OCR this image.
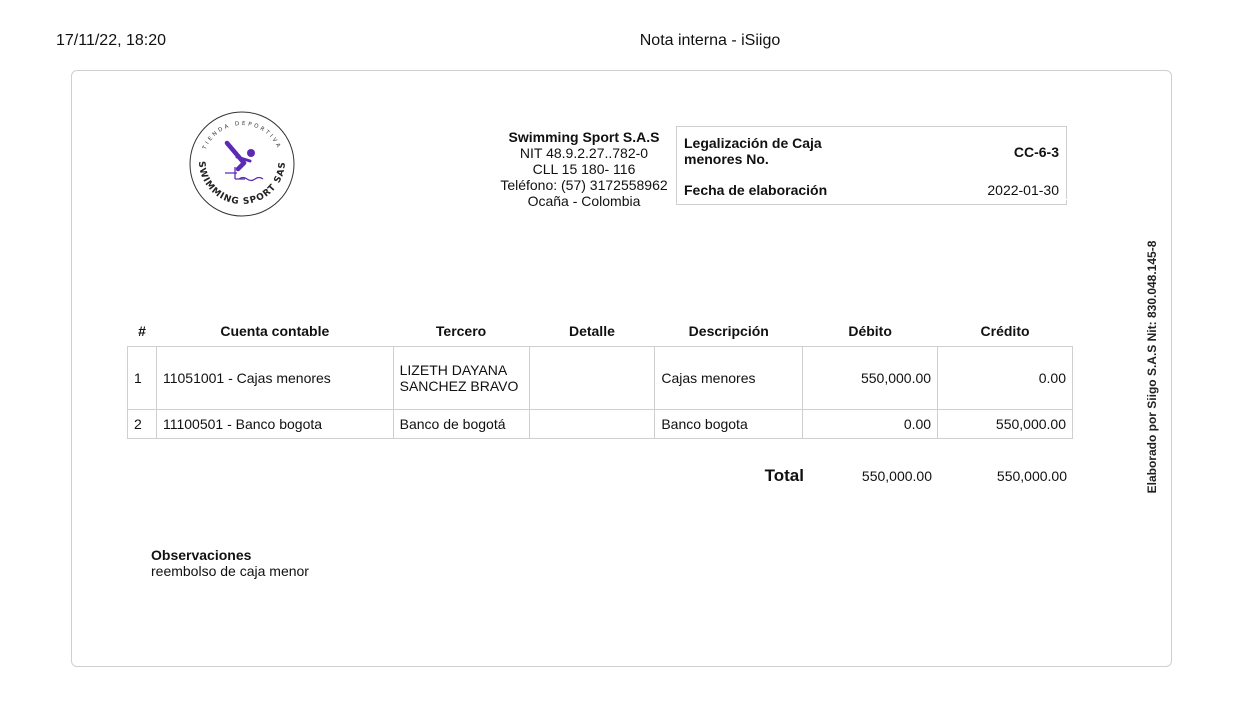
17/11/22, 18:20	Nota interna - iSiigo
TIENDA DEPORTIVA
SWIMMING SPORT SAS
Swimming Sport S.A.S
NIT 48.9.2.27..782-0
CLL 15 180- 116
Teléfono: (57) 3172558962
Ocaña - Colombia
Legalización de Caja menores No.	CC-6-3
Fecha de elaboración	2022-01-30
#	Cuenta contable	Tercero	Detalle	Descripción	Débito	Crédito
1	11051001 - Cajas menores	LIZETH DAYANA SANCHEZ BRAVO		Cajas menores	550,000.00	0.00
2	11100501 - Banco bogota	Banco de bogotá		Banco bogota	0.00	550,000.00
Total	550,000.00	550,000.00
Observaciones
reembolso de caja menor
Elaborado por Siigo S.A.S Nit: 830.048.145-8
